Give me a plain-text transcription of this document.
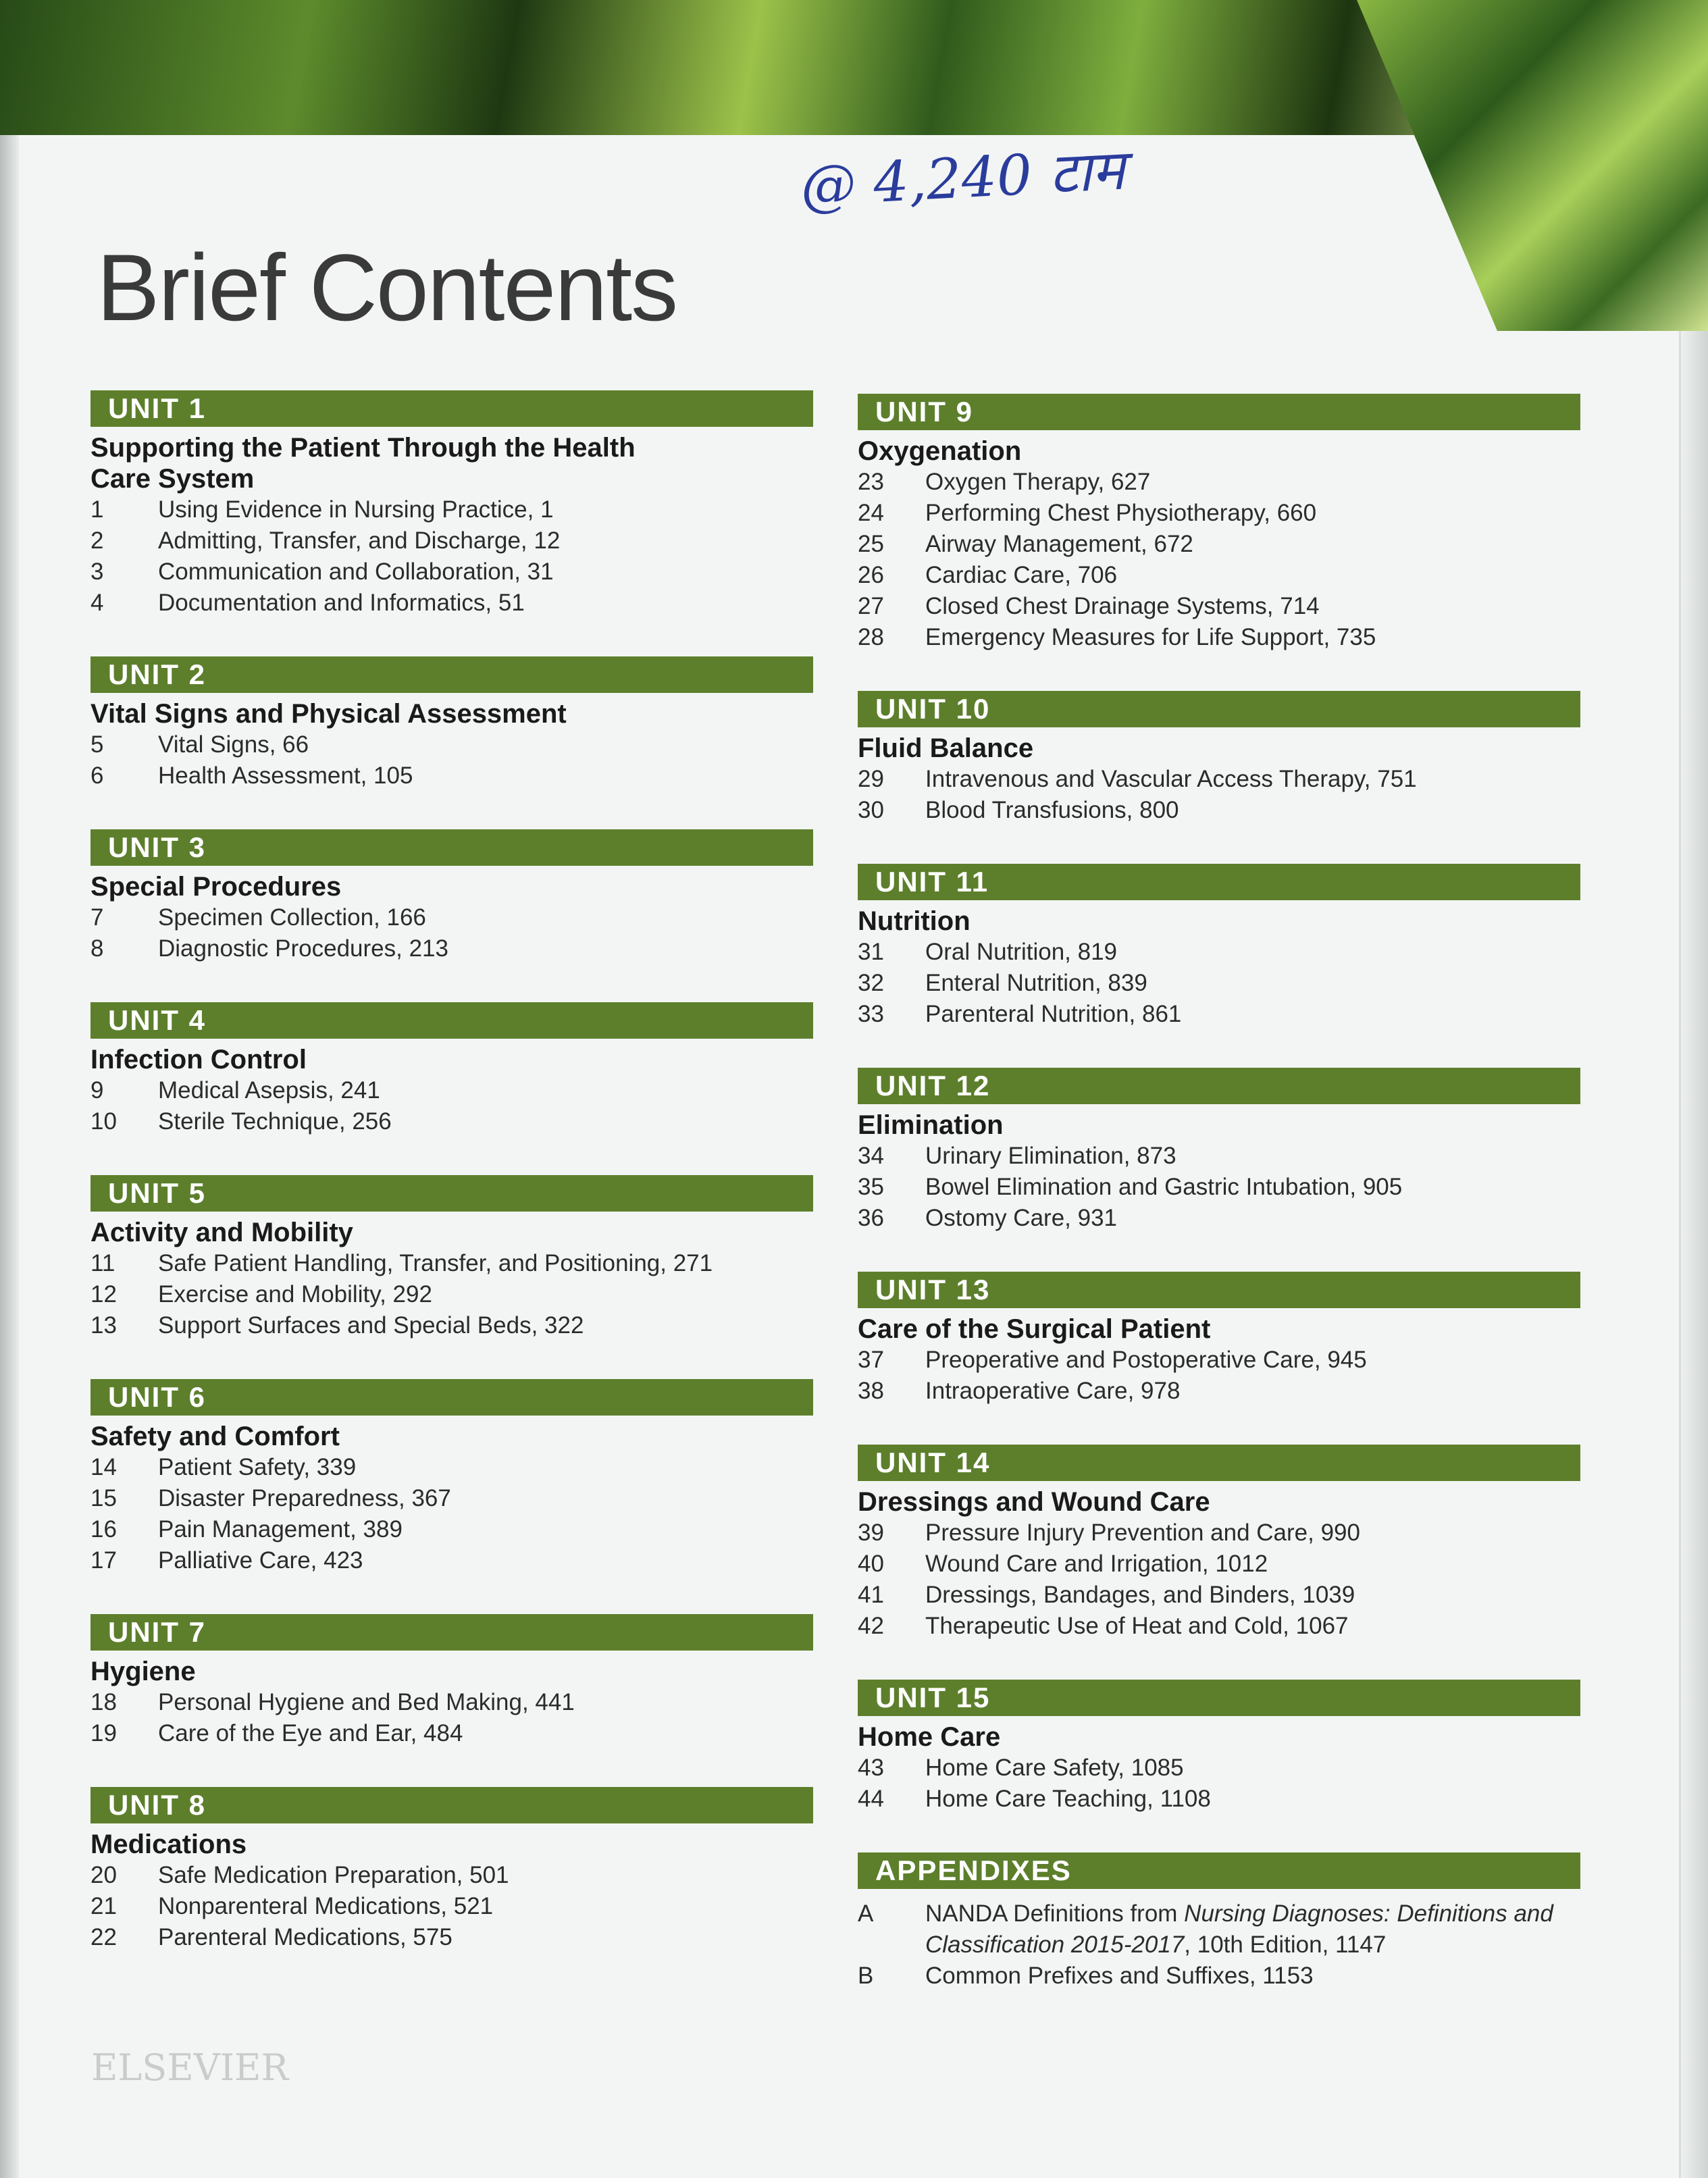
@ 4,240 टाम
Brief Contents
UNIT 1
Supporting the Patient Through the Health Care System
1	Using Evidence in Nursing Practice, 1
2	Admitting, Transfer, and Discharge, 12
3	Communication and Collaboration, 31
4	Documentation and Informatics, 51
UNIT 2
Vital Signs and Physical Assessment
5	Vital Signs, 66
6	Health Assessment, 105
UNIT 3
Special Procedures
7	Specimen Collection, 166
8	Diagnostic Procedures, 213
UNIT 4
Infection Control
9	Medical Asepsis, 241
10	Sterile Technique, 256
UNIT 5
Activity and Mobility
11	Safe Patient Handling, Transfer, and Positioning, 271
12	Exercise and Mobility, 292
13	Support Surfaces and Special Beds, 322
UNIT 6
Safety and Comfort
14	Patient Safety, 339
15	Disaster Preparedness, 367
16	Pain Management, 389
17	Palliative Care, 423
UNIT 7
Hygiene
18	Personal Hygiene and Bed Making, 441
19	Care of the Eye and Ear, 484
UNIT 8
Medications
20	Safe Medication Preparation, 501
21	Nonparenteral Medications, 521
22	Parenteral Medications, 575
UNIT 9
Oxygenation
23	Oxygen Therapy, 627
24	Performing Chest Physiotherapy, 660
25	Airway Management, 672
26	Cardiac Care, 706
27	Closed Chest Drainage Systems, 714
28	Emergency Measures for Life Support, 735
UNIT 10
Fluid Balance
29	Intravenous and Vascular Access Therapy, 751
30	Blood Transfusions, 800
UNIT 11
Nutrition
31	Oral Nutrition, 819
32	Enteral Nutrition, 839
33	Parenteral Nutrition, 861
UNIT 12
Elimination
34	Urinary Elimination, 873
35	Bowel Elimination and Gastric Intubation, 905
36	Ostomy Care, 931
UNIT 13
Care of the Surgical Patient
37	Preoperative and Postoperative Care, 945
38	Intraoperative Care, 978
UNIT 14
Dressings and Wound Care
39	Pressure Injury Prevention and Care, 990
40	Wound Care and Irrigation, 1012
41	Dressings, Bandages, and Binders, 1039
42	Therapeutic Use of Heat and Cold, 1067
UNIT 15
Home Care
43	Home Care Safety, 1085
44	Home Care Teaching, 1108
APPENDIXES
A	NANDA Definitions from Nursing Diagnoses: Definitions and Classification 2015-2017, 10th Edition, 1147
B	Common Prefixes and Suffixes, 1153
ELSEVIER
